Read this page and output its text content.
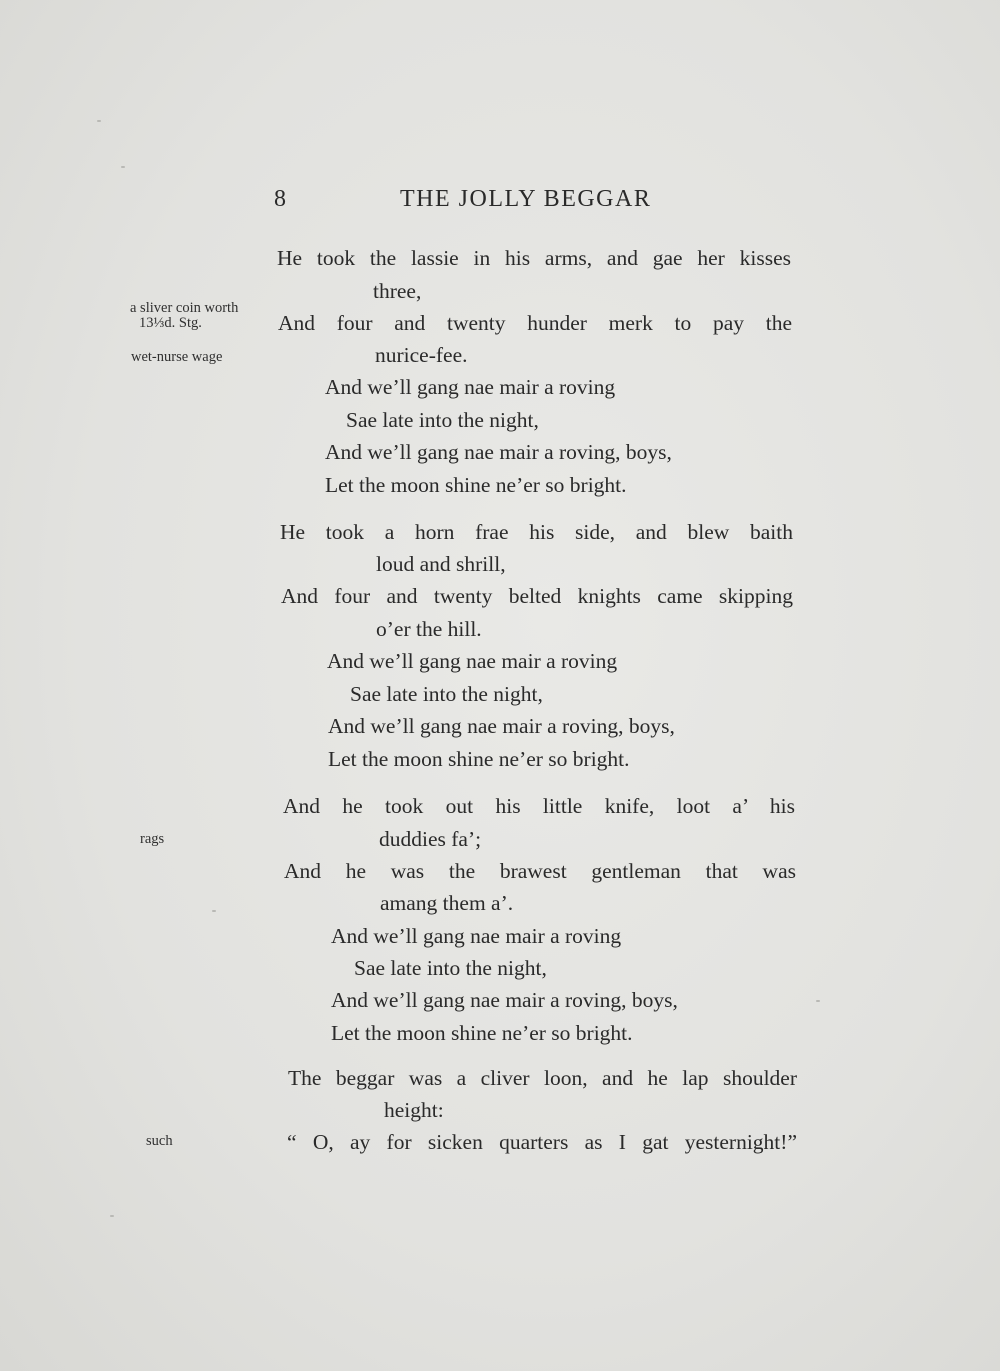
8	THE JOLLY BEGGAR
a sliver coin worth
13⅓d. Stg.
wet-nurse wage
rags
such
He took the lassie in his arms, and gae her kisses
three,
And four and twenty hunder merk to pay the
nurice-fee.
And we’ll gang nae mair a roving
Sae late into the night,
And we’ll gang nae mair a roving, boys,
Let the moon shine ne’er so bright.
He took a horn frae his side, and blew baith
loud and shrill,
And four and twenty belted knights came skipping
o’er the hill.
And we’ll gang nae mair a roving
Sae late into the night,
And we’ll gang nae mair a roving, boys,
Let the moon shine ne’er so bright.
And he took out his little knife, loot a’ his
duddies fa’;
And he was the brawest gentleman that was
amang them a’.
And we’ll gang nae mair a roving
Sae late into the night,
And we’ll gang nae mair a roving, boys,
Let the moon shine ne’er so bright.
The beggar was a cliver loon, and he lap shoulder
height:
“ O, ay for sicken quarters as I gat yesternight!”
